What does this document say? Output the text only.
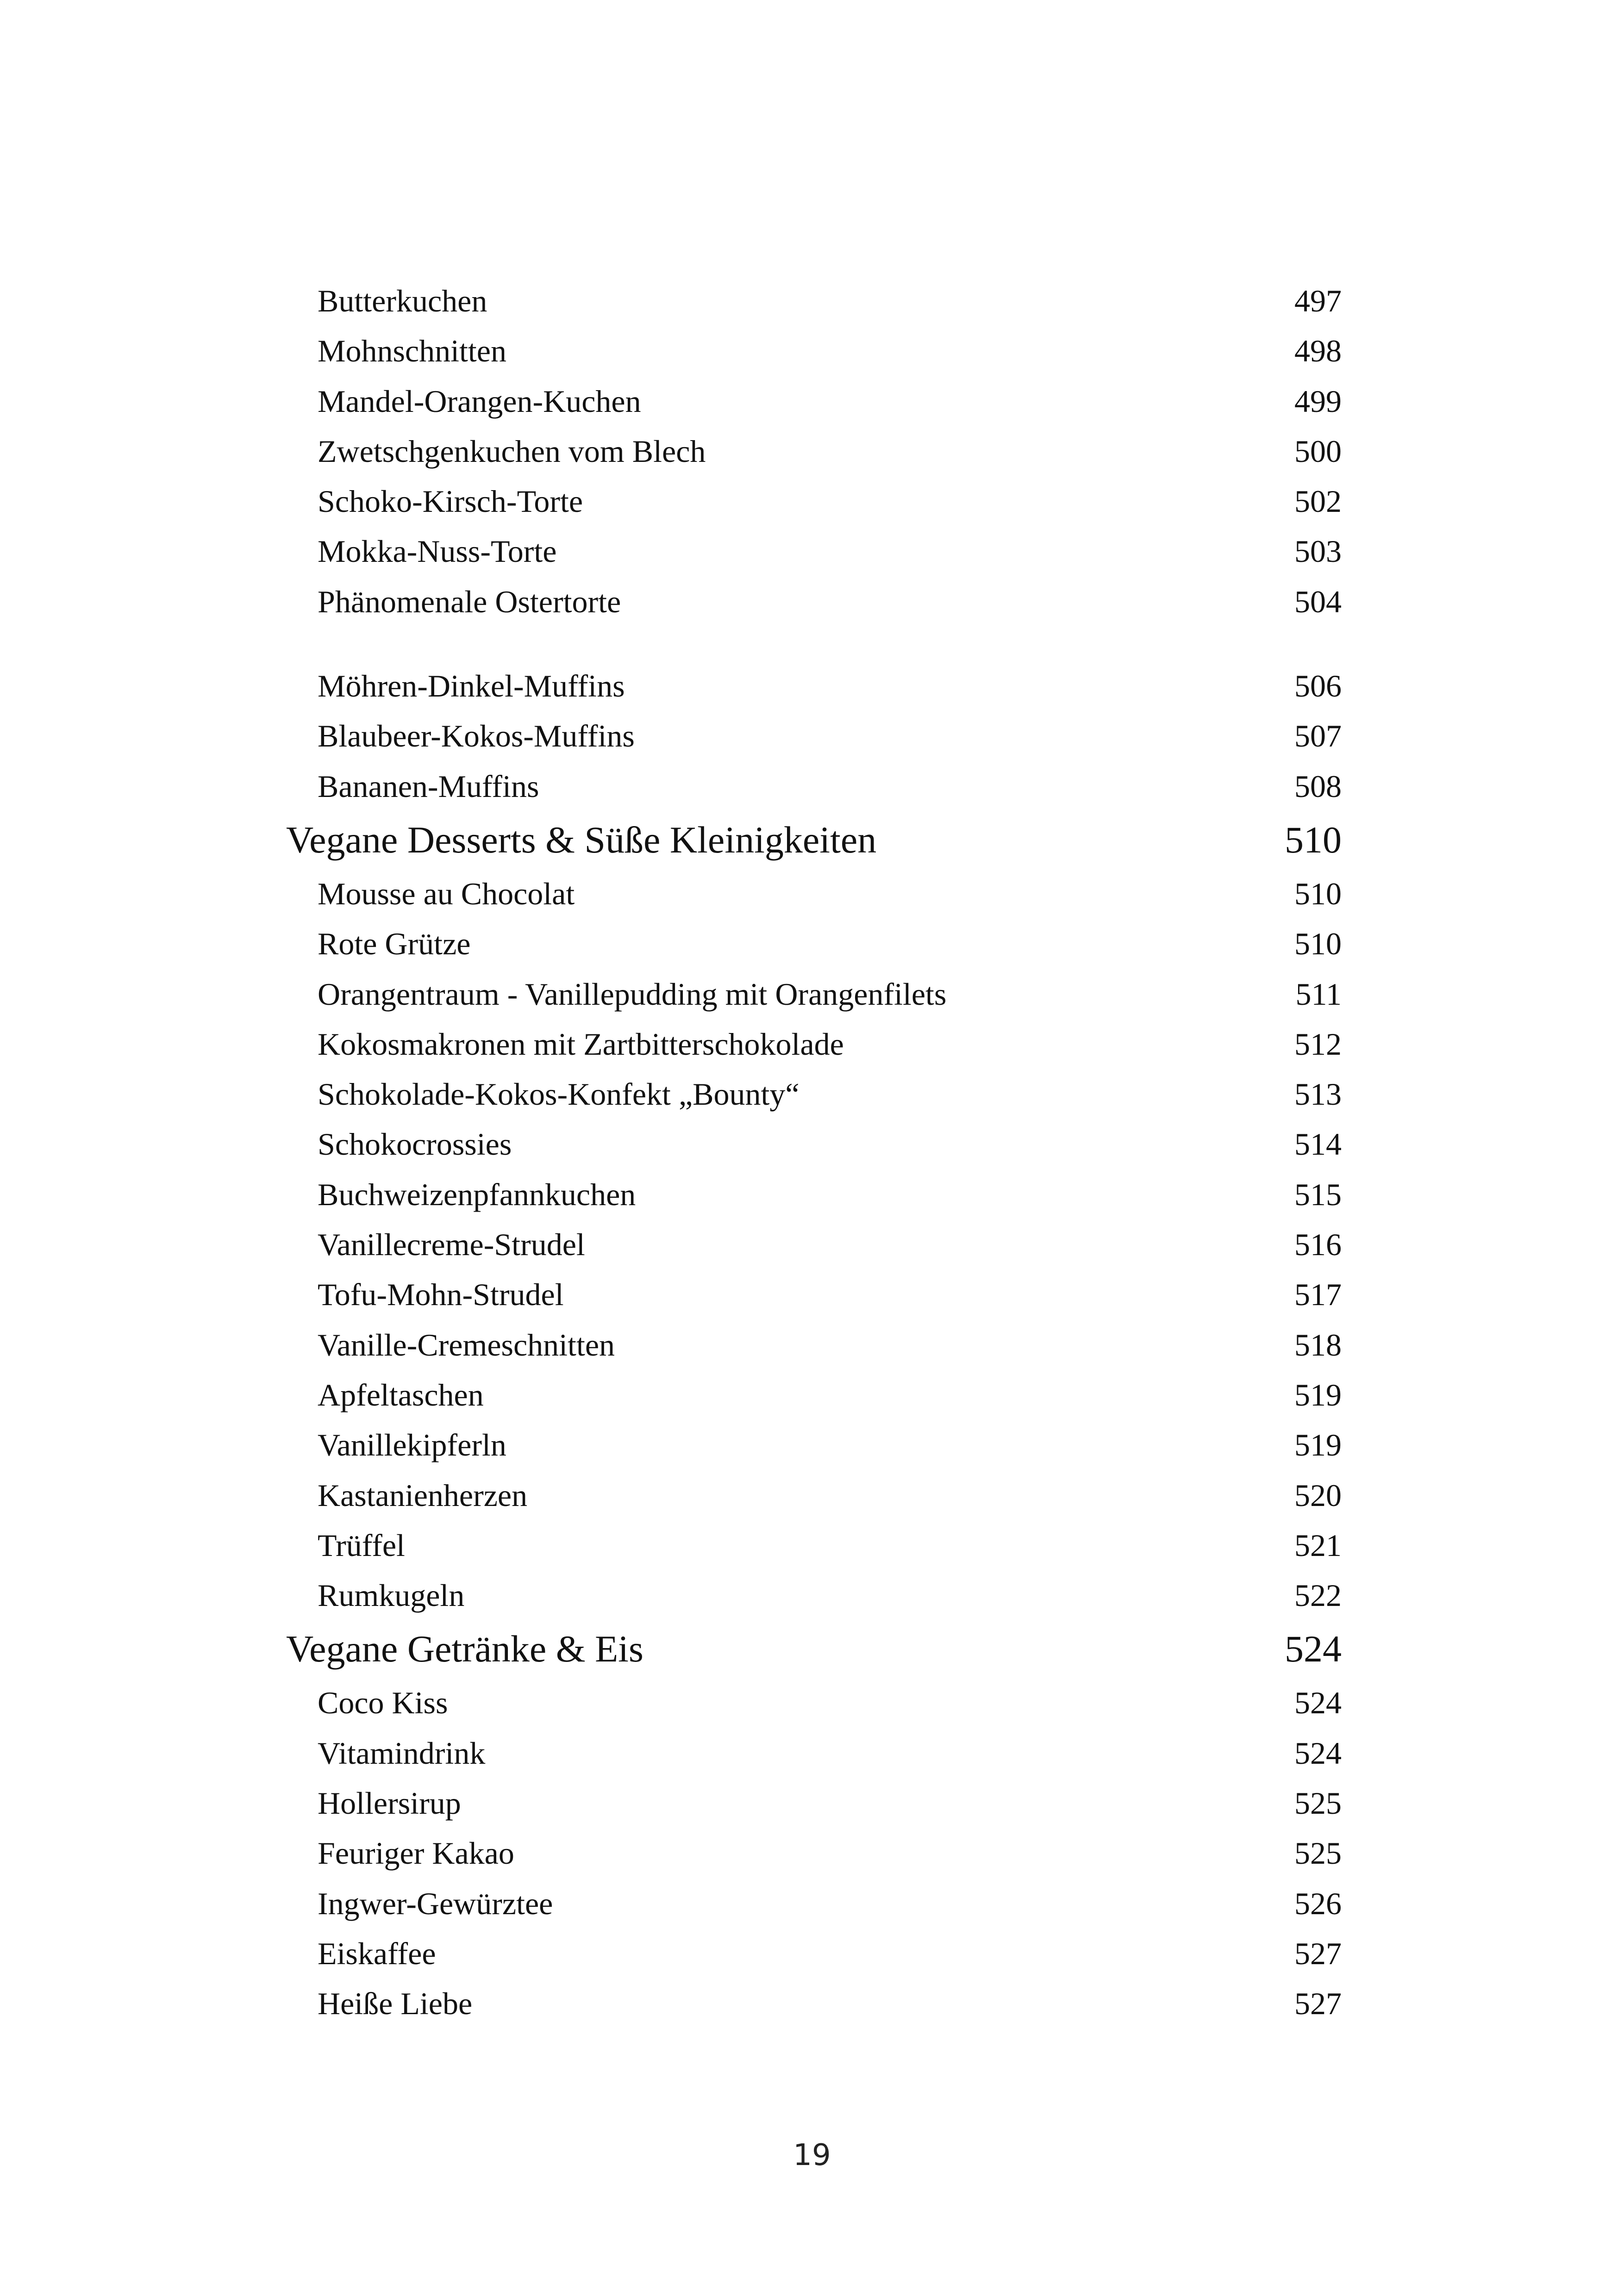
Butterkuchen	497
Mohnschnitten	498
Mandel-Orangen-Kuchen	499
Zwetschgenkuchen vom Blech	500
Schoko-Kirsch-Torte	502
Mokka-Nuss-Torte	503
Phänomenale Ostertorte	504
Möhren-Dinkel-Muffins	506
Blaubeer-Kokos-Muffins	507
Bananen-Muffins	508
Vegane Desserts & Süße Kleinigkeiten	510
Mousse au Chocolat	510
Rote Grütze	510
Orangentraum - Vanillepudding mit Orangenfilets	511
Kokosmakronen mit Zartbitterschokolade	512
Schokolade-Kokos-Konfekt „Bounty“	513
Schokocrossies	514
Buchweizenpfannkuchen	515
Vanillecreme-Strudel	516
Tofu-Mohn-Strudel	517
Vanille-Cremeschnitten	518
Apfeltaschen	519
Vanillekipferln	519
Kastanienherzen	520
Trüffel	521
Rumkugeln	522
Vegane Getränke & Eis	524
Coco Kiss	524
Vitamindrink	524
Hollersirup	525
Feuriger Kakao	525
Ingwer-Gewürztee	526
Eiskaffee	527
Heiße Liebe	527
19
